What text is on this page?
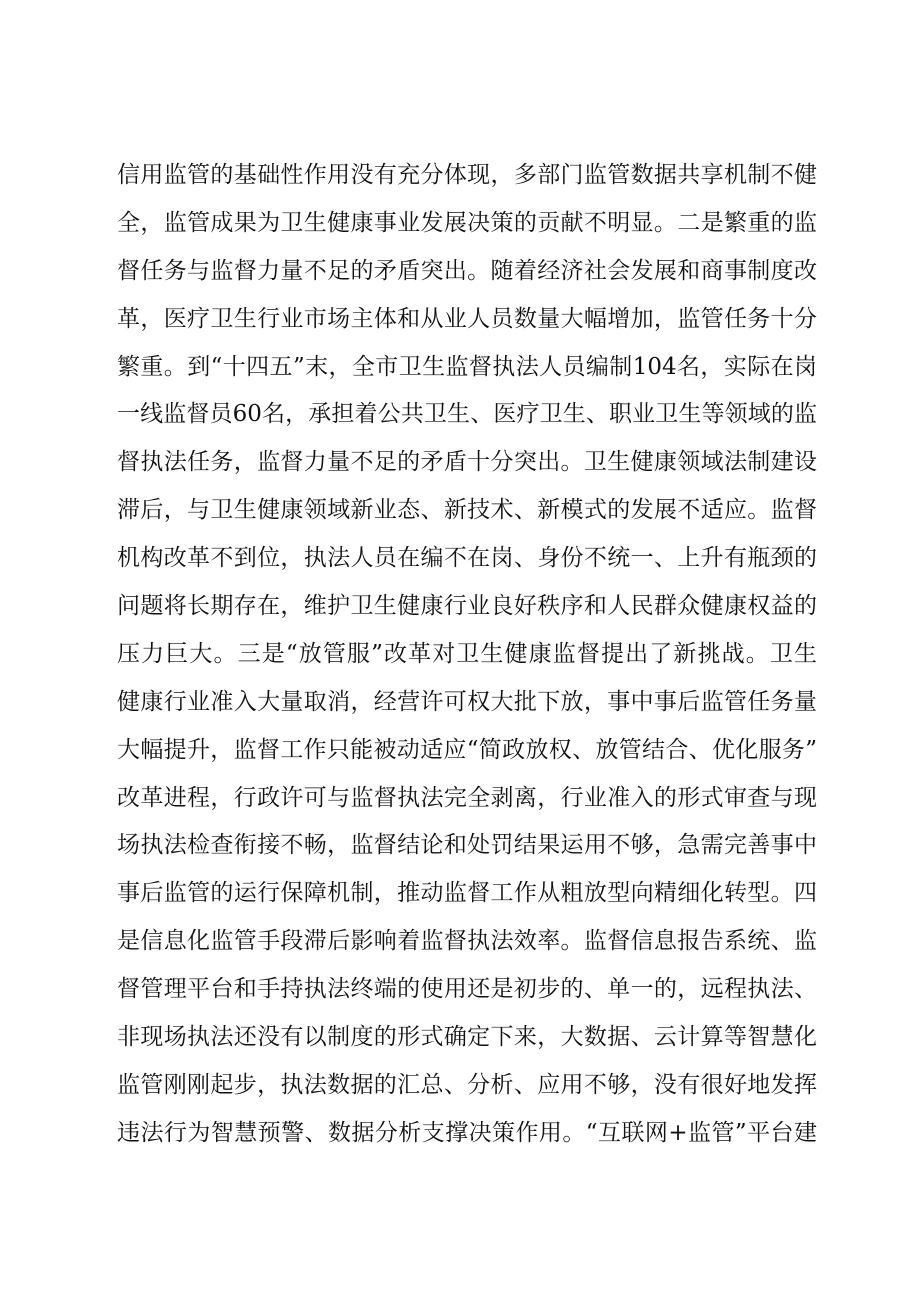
信用监管的基础性作用没有充分体现，多部门监管数据共享机制不健
全，监管成果为卫生健康事业发展决策的贡献不明显。二是繁重的监
督任务与监督力量不足的矛盾突出。随着经济社会发展和商事制度改
革，医疗卫生行业市场主体和从业人员数量大幅增加，监管任务十分
繁重。到“十四五”末，全市卫生监督执法人员编制104名，实际在岗
一线监督员60名，承担着公共卫生、医疗卫生、职业卫生等领域的监
督执法任务，监督力量不足的矛盾十分突出。卫生健康领域法制建设
滞后，与卫生健康领域新业态、新技术、新模式的发展不适应。监督
机构改革不到位，执法人员在编不在岗、身份不统一、上升有瓶颈的
问题将长期存在，维护卫生健康行业良好秩序和人民群众健康权益的
压力巨大。三是“放管服”改革对卫生健康监督提出了新挑战。卫生
健康行业准入大量取消，经营许可权大批下放，事中事后监管任务量
大幅提升，监督工作只能被动适应“简政放权、放管结合、优化服务”
改革进程，行政许可与监督执法完全剥离，行业准入的形式审查与现
场执法检查衔接不畅，监督结论和处罚结果运用不够，急需完善事中
事后监管的运行保障机制，推动监督工作从粗放型向精细化转型。四
是信息化监管手段滞后影响着监督执法效率。监督信息报告系统、监
督管理平台和手持执法终端的使用还是初步的、单一的，远程执法、
非现场执法还没有以制度的形式确定下来，大数据、云计算等智慧化
监管刚刚起步，执法数据的汇总、分析、应用不够，没有很好地发挥
违法行为智慧预警、数据分析支撑决策作用。“互联网+监管”平台建
